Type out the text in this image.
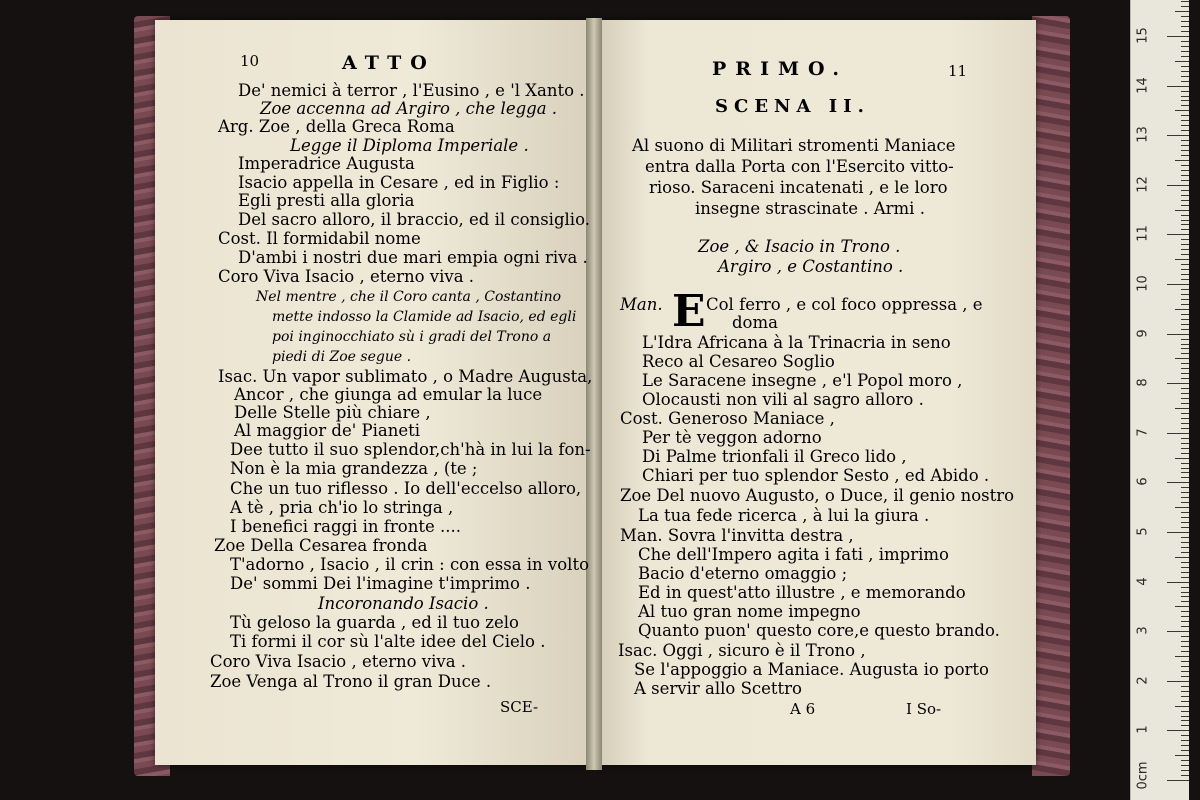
10	ATTO
De' nemici à terror , l'Eusino , e 'l Xanto .
Zoe accenna ad Argiro , che legga .
Arg. Zoe , della Greca Roma
Legge il Diploma Imperiale .
Imperadrice Augusta
Isacio appella in Cesare , ed in Figlio :
Egli presti alla gloria
Del sacro alloro, il braccio, ed il consiglio.
Cost. Il formidabil nome
D'ambi i nostri due mari empia ogni riva .
Coro Viva Isacio , eterno viva .
Nel mentre , che il Coro canta , Costantino
mette indosso la Clamide ad Isacio, ed egli
poi inginocchiato sù i gradi del Trono a
piedi di Zoe segue .
Isac. Un vapor sublimato , o Madre Augusta,
Ancor , che giunga ad emular la luce
Delle Stelle più chiare ,
Al maggior de' Pianeti
Dee tutto il suo splendor,ch'hà in lui la fon-
Non è la mia grandezza , (te ;
Che un tuo riflesso . Io dell'eccelso alloro,
A tè , pria ch'io lo stringa ,
I benefici raggi in fronte ....
Zoe Della Cesarea fronda
T'adorno , Isacio , il crin : con essa in volto
De' sommi Dei l'imagine t'imprimo .
Incoronando Isacio .
Tù geloso la guarda , ed il tuo zelo
Ti formi il cor sù l'alte idee del Cielo .
Coro Viva Isacio , eterno viva .
Zoe Venga al Trono il gran Duce .
SCE-
PRIMO.	11
SCENA II.
Al suono di Militari stromenti Maniace
entra dalla Porta con l'Esercito vitto-
rioso. Saraceni incatenati , e le loro
insegne strascinate . Armi .
Zoe , & Isacio in Trono .
Argiro , e Costantino .
E
Man.	Col ferro , e col foco oppressa , e
doma
L'Idra Africana à la Trinacria in seno
Reco al Cesareo Soglio
Le Saracene insegne , e'l Popol moro ,
Olocausti non vili al sagro alloro .
Cost. Generoso Maniace ,
Per tè veggon adorno
Di Palme trionfali il Greco lido ,
Chiari per tuo splendor Sesto , ed Abido .
Zoe Del nuovo Augusto, o Duce, il genio nostro
La tua fede ricerca , à lui la giura .
Man. Sovra l'invitta destra ,
Che dell'Impero agita i fati , imprimo
Bacio d'eterno omaggio ;
Ed in quest'atto illustre , e memorando
Al tuo gran nome impegno
Quanto puon' questo core,e questo brando.
Isac. Oggi , sicuro è il Trono ,
Se l'appoggio a Maniace. Augusta io porto
A servir allo Scettro
A 6	I So-
0cm
1
2
3
4
5
6
7
8
9
10
11
12
13
14
15
